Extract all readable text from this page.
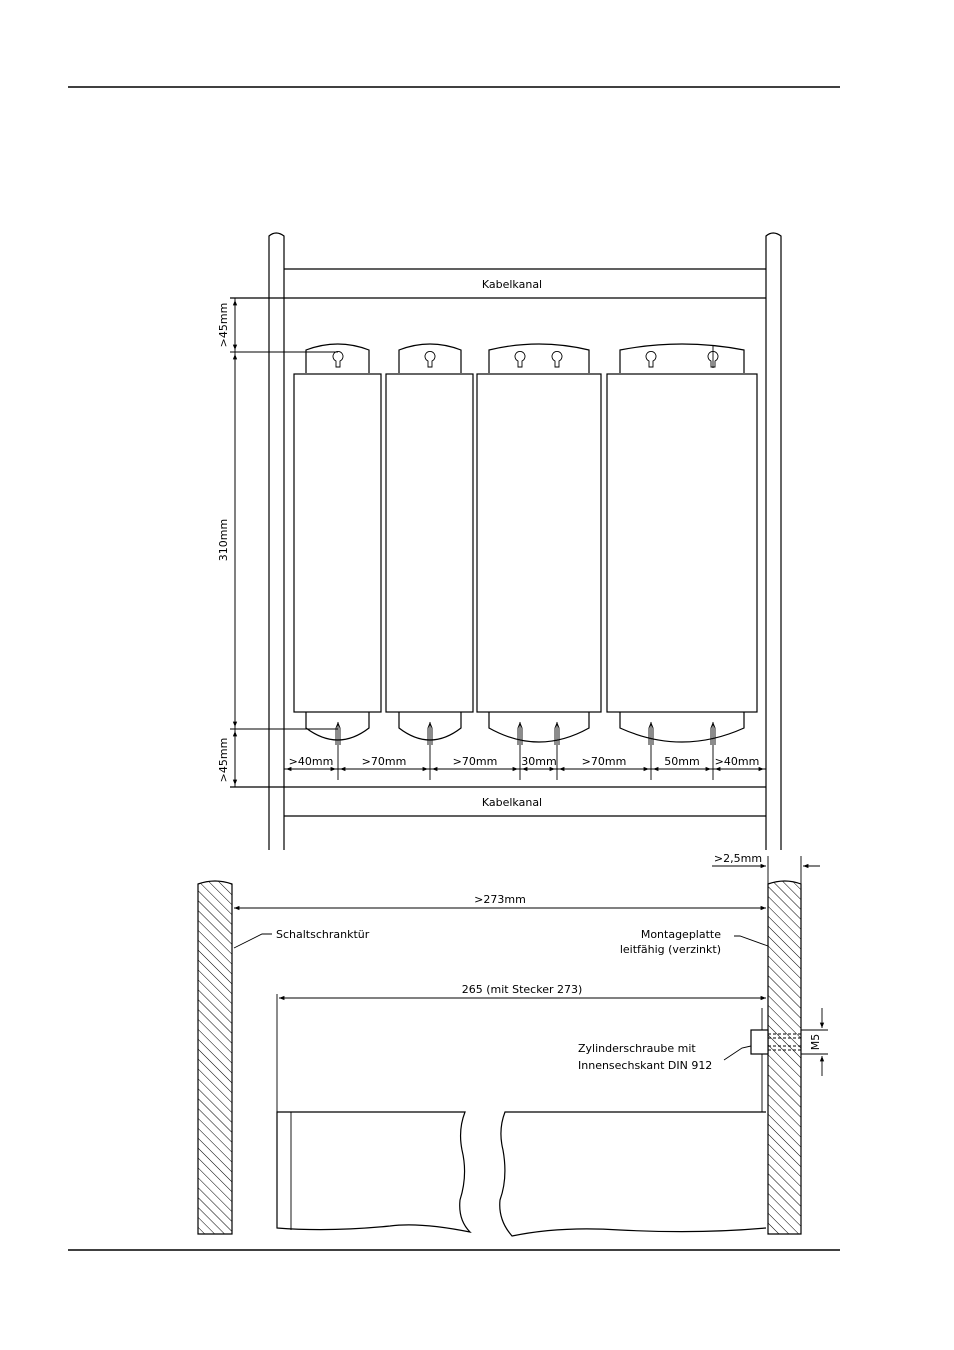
Kabelkanal
Kabelkanal
>45mm
310mm
>45mm	>40mm	>70mm	>70mm 30mm >70mm	50mm >40mm
>2,5mm
>273mm
Schaltschranktür	Montageplatte
leitfähig (verzinkt)
265 (mit Stecker 273)
M5
Zylinderschraube mit
Innensechskant DIN 912
